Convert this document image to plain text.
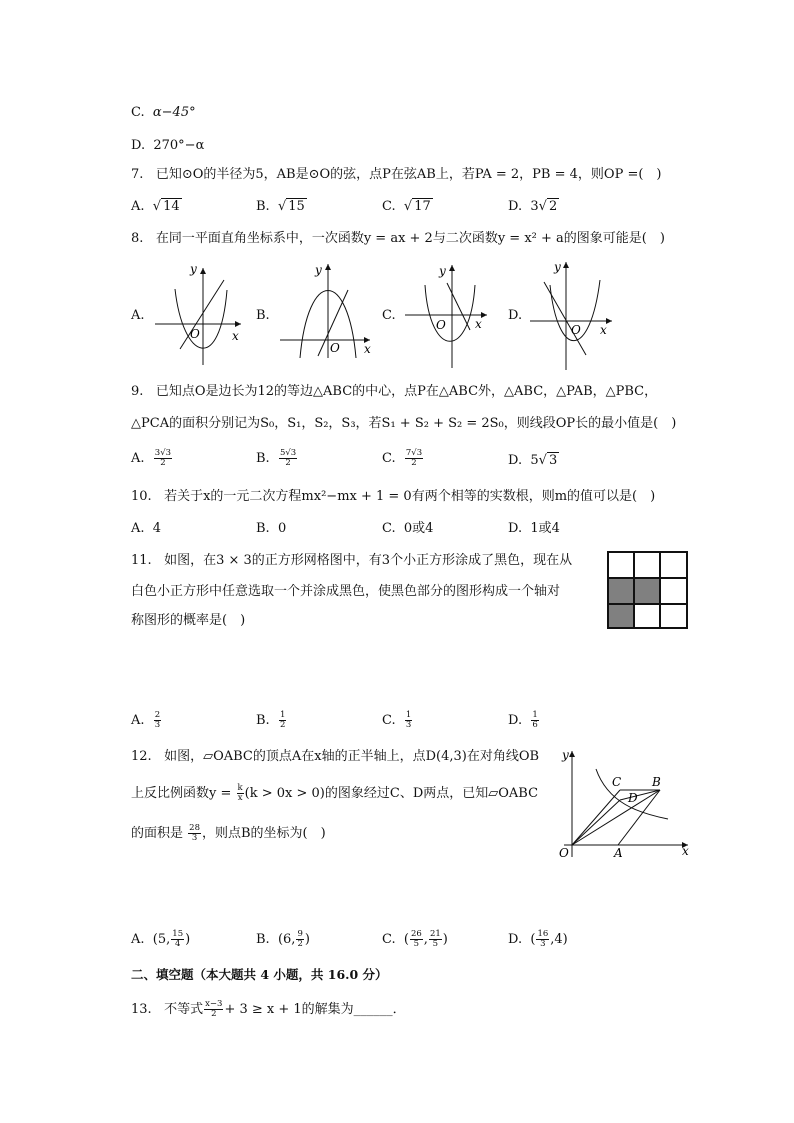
C. α−45°
D. 270°−α
7. 已知⊙O的半径为5，AB是⊙O的弦，点P在弦AB上，若PA = 2，PB = 4，则OP =(　)
A.  √ 14	B.  √ 15	C.  √ 17	D. 3√ 2
8. 在同一平面直角坐标系中，一次函数y = ax + 2与二次函数y = x² + a的图象可能是(　)
A.	B.	C.	D.
y
x
O
y
x
O
y
x
O
y
x
O
9. 已知点O是边长为12的等边△ABC的中心，点P在△ABC外，△ABC，△PAB，△PBC，
△PCA的面积分别记为S₀，S₁，S₂，S₃，若S₁ + S₂ + S₂ = 2S₀，则线段OP长的最小值是(　)
A. $\frac{3√3}{2}$	B. $\frac{5√3}{2}$	C. $\frac{7√3}{2}$	D. 5√ 3
10. 若关于x的一元二次方程mx²−mx + 1 = 0有两个相等的实数根，则m的值可以是(　)
A. 4	B. 0	C. 0或4	D. 1或4
11. 如图，在3 × 3的正方形网格图中，有3个小正方形涂成了黑色，现在从
白色小正方形中任意选取一个并涂成黑色，使黑色部分的图形构成一个轴对
称图形的概率是(　)
A. $\frac{2}{3}$	B. $\frac{1}{2}$	C. $\frac{1}{3}$	D. $\frac{1}{6}$
12. 如图，▱OABC的顶点A在x轴的正半轴上，点D(4,3)在对角线OB
上反比例函数$y = \frac{k}{x} (k > 0x > 0)$的图象经过C、D两点，已知▱OABC
的面积是 $\frac{28}{3}$ ，则点B的坐标为(　)
y
x
O	A
B
C
D
A. (5, $\frac{15}{4}$ )	B. (6, $\frac{9}{2}$ )	C. ( $\frac{26}{5}$ , $\frac{21}{5}$ )	D. ( $\frac{16}{3} ,4$)
二、填空题（本大题共 4 小题，共 16.0 分）
13. 不等式 $\frac{x-3}{2} + 3 \ge x + 1$的解集为______．
